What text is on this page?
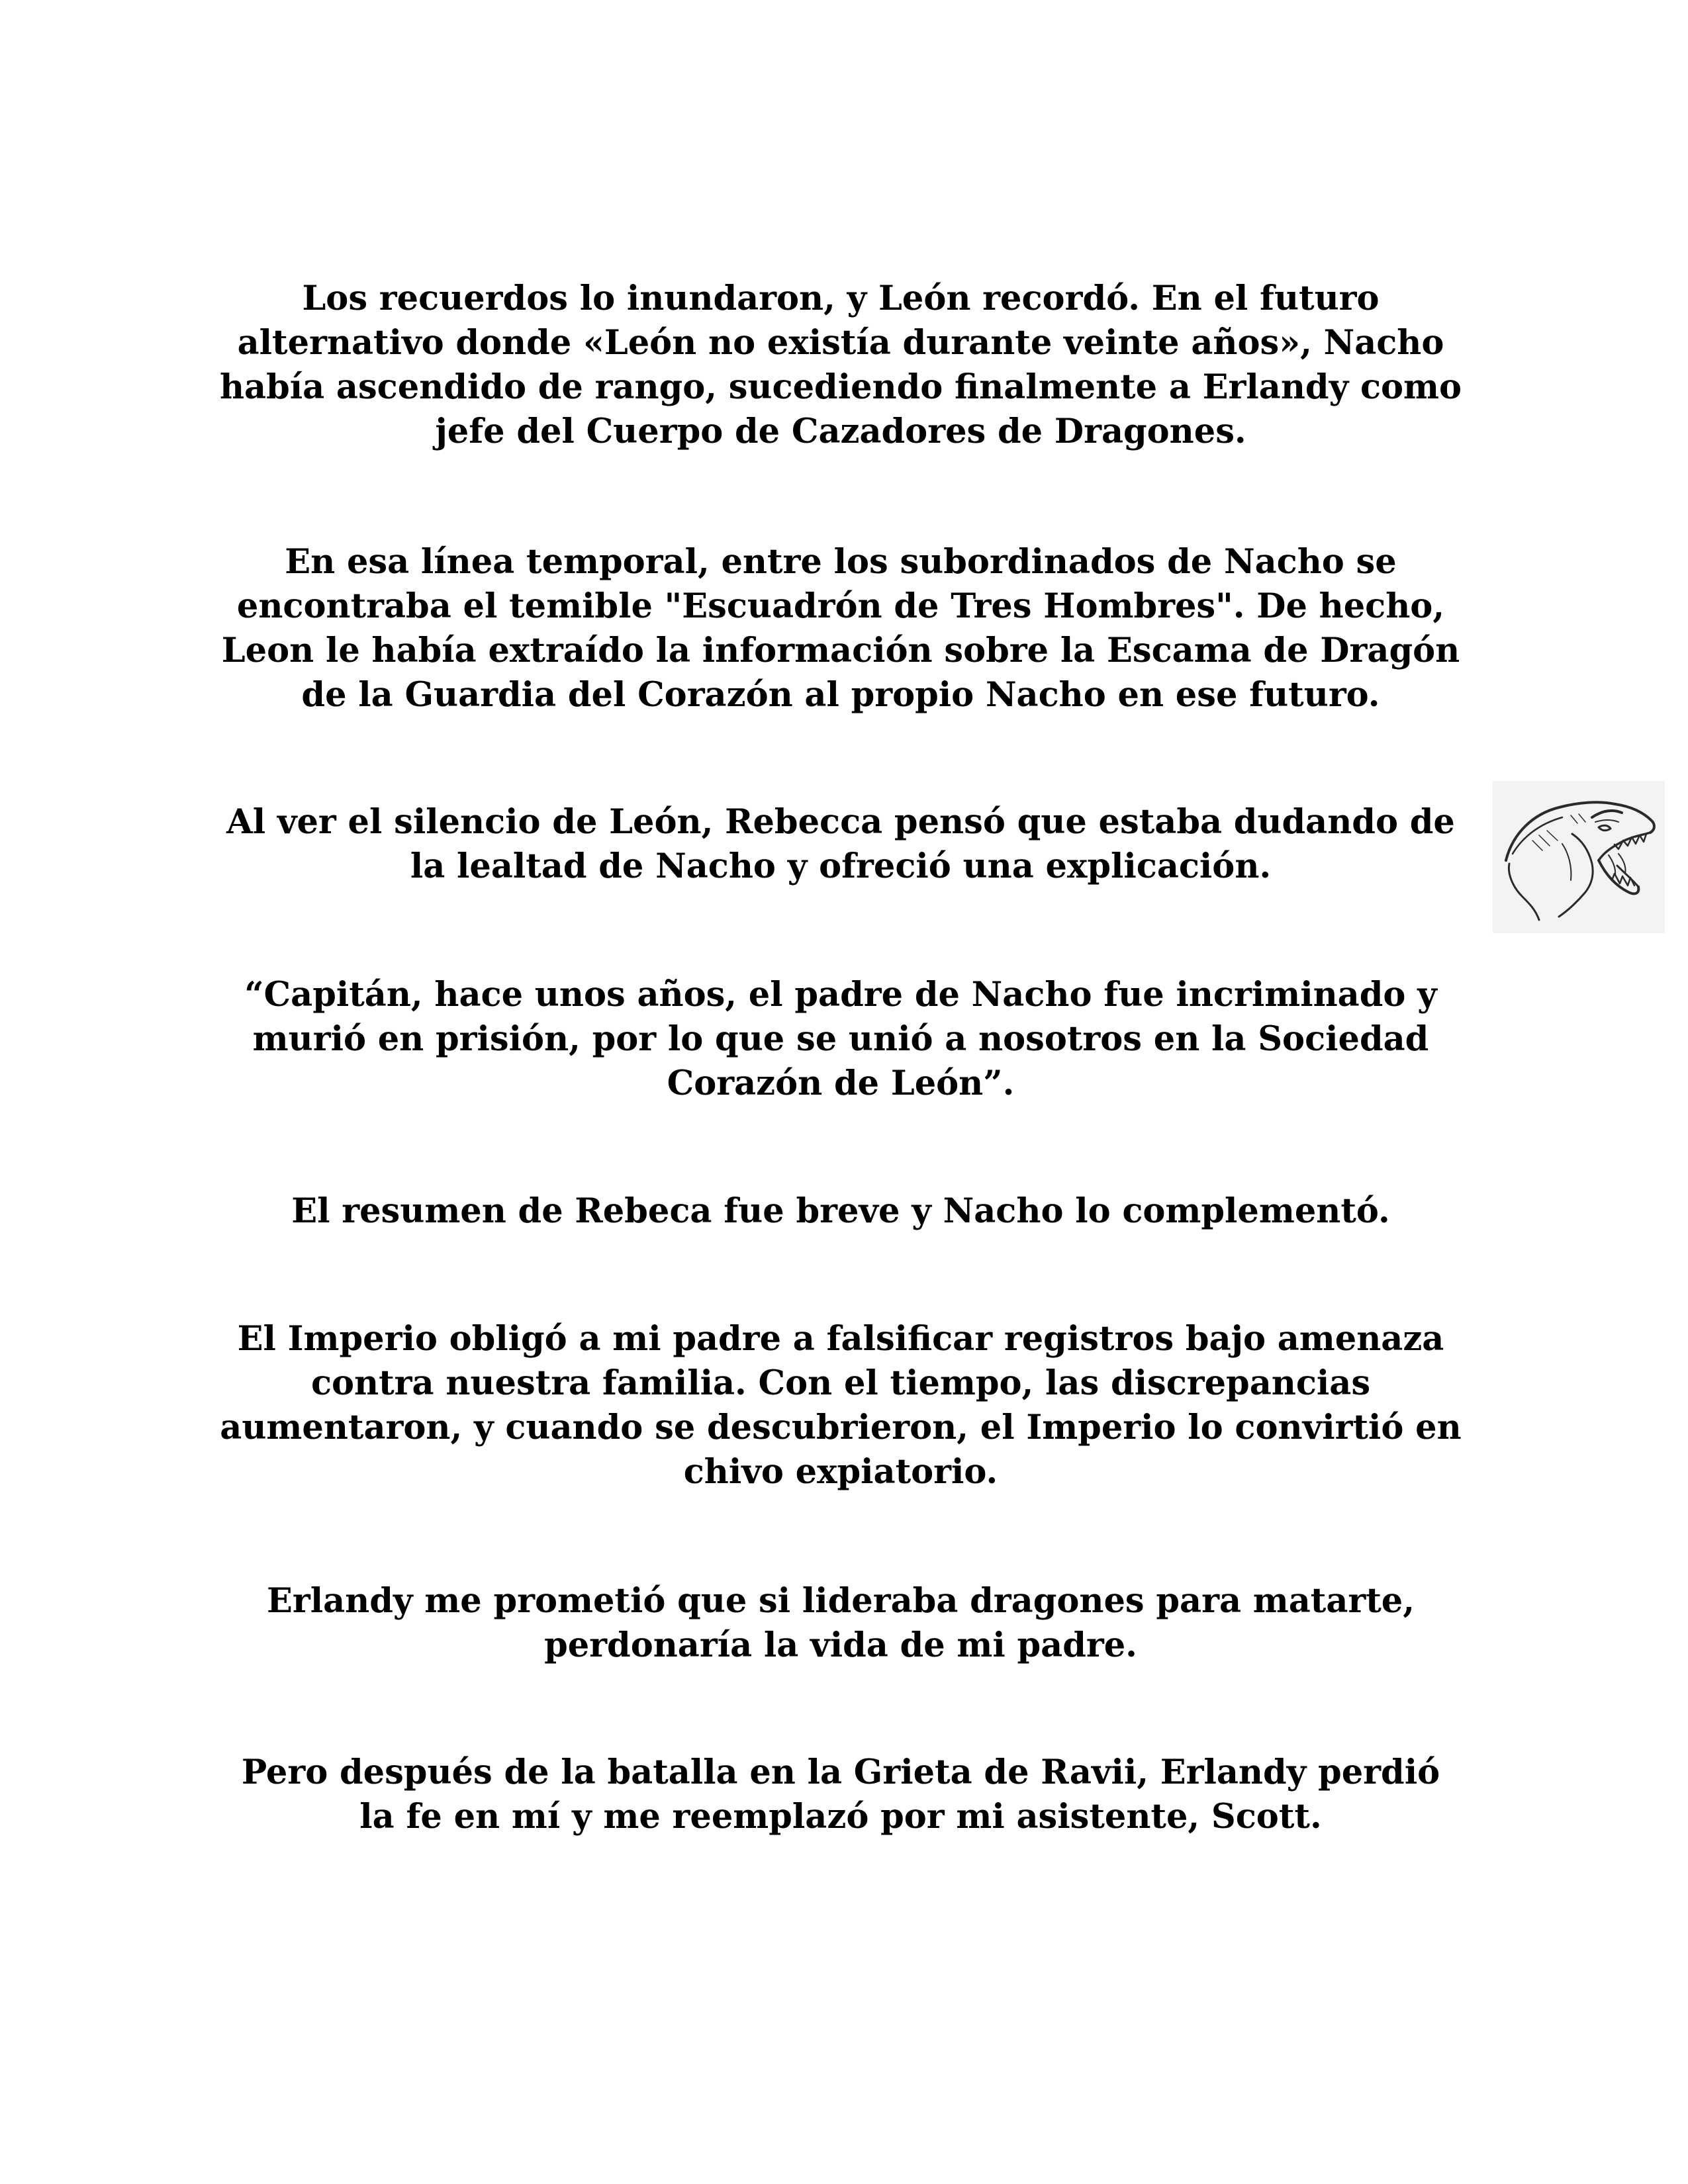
Los recuerdos lo inundaron, y León recordó. En el futuro alternativo donde «León no existía durante veinte años», Nacho había ascendido de rango, sucediendo finalmente a Erlandy como jefe del Cuerpo de Cazadores de Dragones.

En esa línea temporal, entre los subordinados de Nacho se encontraba el temible "Escuadrón de Tres Hombres". De hecho, Leon le había extraído la información sobre la Escama de Dragón de la Guardia del Corazón al propio Nacho en ese futuro.

Al ver el silencio de León, Rebecca pensó que estaba dudando de la lealtad de Nacho y ofreció una explicación.

“Capitán, hace unos años, el padre de Nacho fue incriminado y murió en prisión, por lo que se unió a nosotros en la Sociedad Corazón de León”.

El resumen de Rebeca fue breve y Nacho lo complementó.

El Imperio obligó a mi padre a falsificar registros bajo amenaza contra nuestra familia. Con el tiempo, las discrepancias aumentaron, y cuando se descubrieron, el Imperio lo convirtió en chivo expiatorio.

Erlandy me prometió que si lideraba dragones para matarte, perdonaría la vida de mi padre.

Pero después de la batalla en la Grieta de Ravii, Erlandy perdió la fe en mí y me reemplazó por mi asistente, Scott.
